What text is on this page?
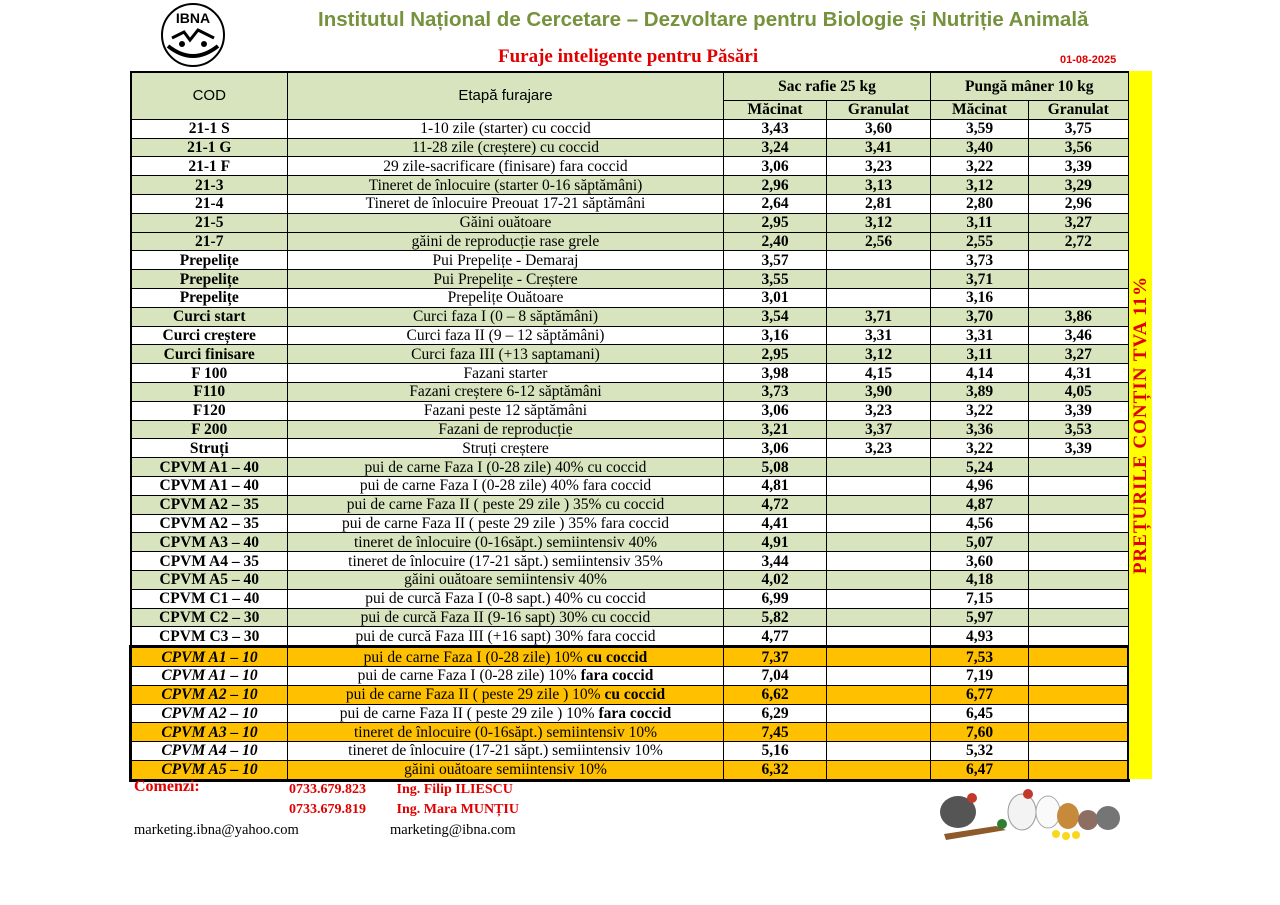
IBNA	Institutul Național de Cercetare – Dezvoltare pentru Biologie și Nutriție Animală
Furaje inteligente pentru Păsări	01-08-2025
COD	Etapă furajare	Sac rafie 25 kg		Pungă mâner 10 kg	
		Măcinat	Granulat	Măcinat	Granulat
21-1 S	1-10 zile (starter) cu coccid	3,43	3,60	3,59	3,75
21-1 G	11-28 zile (creștere) cu coccid	3,24	3,41	3,40	3,56
21-1 F	29 zile-sacrificare (finisare) fara coccid	3,06	3,23	3,22	3,39
21-3	Tineret de înlocuire (starter 0-16 săptămâni)	2,96	3,13	3,12	3,29
21-4	Tineret de înlocuire Preouat 17-21 săptămâni	2,64	2,81	2,80	2,96
21-5	Găini ouătoare	2,95	3,12	3,11	3,27
21-7	găini de reproducție rase grele	2,40	2,56	2,55	2,72
Prepelițe	Pui Prepelițe - Demaraj	3,57		3,73	
Prepelițe	Pui Prepelițe - Creștere	3,55		3,71	
Prepelițe	Prepelițe Ouătoare	3,01		3,16	
Curci start	Curci faza I (0 – 8 săptămâni)	3,54	3,71	3,70	3,86
Curci creștere	Curci faza II (9 – 12 săptămâni)	3,16	3,31	3,31	3,46
Curci finisare	Curci faza III (+13 saptamani)	2,95	3,12	3,11	3,27
F 100	Fazani starter	3,98	4,15	4,14	4,31
F110	Fazani creștere 6-12 săptămâni	3,73	3,90	3,89	4,05
F120	Fazani peste 12 săptămâni	3,06	3,23	3,22	3,39
F 200	Fazani de reproducție	3,21	3,37	3,36	3,53
Struți	Struți creștere	3,06	3,23	3,22	3,39
CPVM A1 – 40	pui de carne Faza I (0-28 zile) 40% cu coccid	5,08		5,24	
CPVM A1 – 40	pui de carne Faza I (0-28 zile) 40% fara coccid	4,81		4,96	
CPVM A2 – 35	pui de carne Faza II ( peste 29 zile ) 35% cu coccid	4,72		4,87	
CPVM A2 – 35	pui de carne Faza II ( peste 29 zile ) 35% fara coccid	4,41		4,56	
CPVM A3 – 40	tineret de înlocuire (0-16săpt.) semiintensiv 40%	4,91		5,07	
CPVM A4 – 35	tineret de înlocuire (17-21 săpt.) semiintensiv 35%	3,44		3,60	
CPVM A5 – 40	găini ouătoare semiintensiv 40%	4,02		4,18	
CPVM C1 – 40	pui de curcă Faza I (0-8 sapt.) 40% cu coccid	6,99		7,15	
CPVM C2 – 30	pui de curcă Faza II (9-16 sapt) 30% cu coccid	5,82		5,97	
CPVM C3 – 30	pui de curcă Faza III (+16 sapt) 30% fara coccid	4,77		4,93	
CPVM A1 – 10	pui de carne Faza I (0-28 zile) 10% cu coccid	7,37		7,53	
CPVM A1 – 10	pui de carne Faza I (0-28 zile) 10% fara coccid	7,04		7,19	
CPVM A2 – 10	pui de carne Faza II ( peste 29 zile ) 10% cu coccid	6,62		6,77	
CPVM A2 – 10	pui de carne Faza II ( peste 29 zile ) 10% fara coccid	6,29		6,45	
CPVM A3 – 10	tineret de înlocuire (0-16săpt.) semiintensiv 10%	7,45		7,60	
CPVM A4 – 10	tineret de înlocuire (17-21 săpt.) semiintensiv 10%	5,16		5,32	
CPVM A5 – 10	găini ouătoare semiintensiv 10%	6,32		6,47	
PREȚURILE CONȚIN TVA 11%
Comenzi:	0733.679.823 Ing. Filip ILIESCU
0733.679.819 Ing. Mara MUNȚIU
marketing.ibna@yahoo.com	marketing@ibna.com
